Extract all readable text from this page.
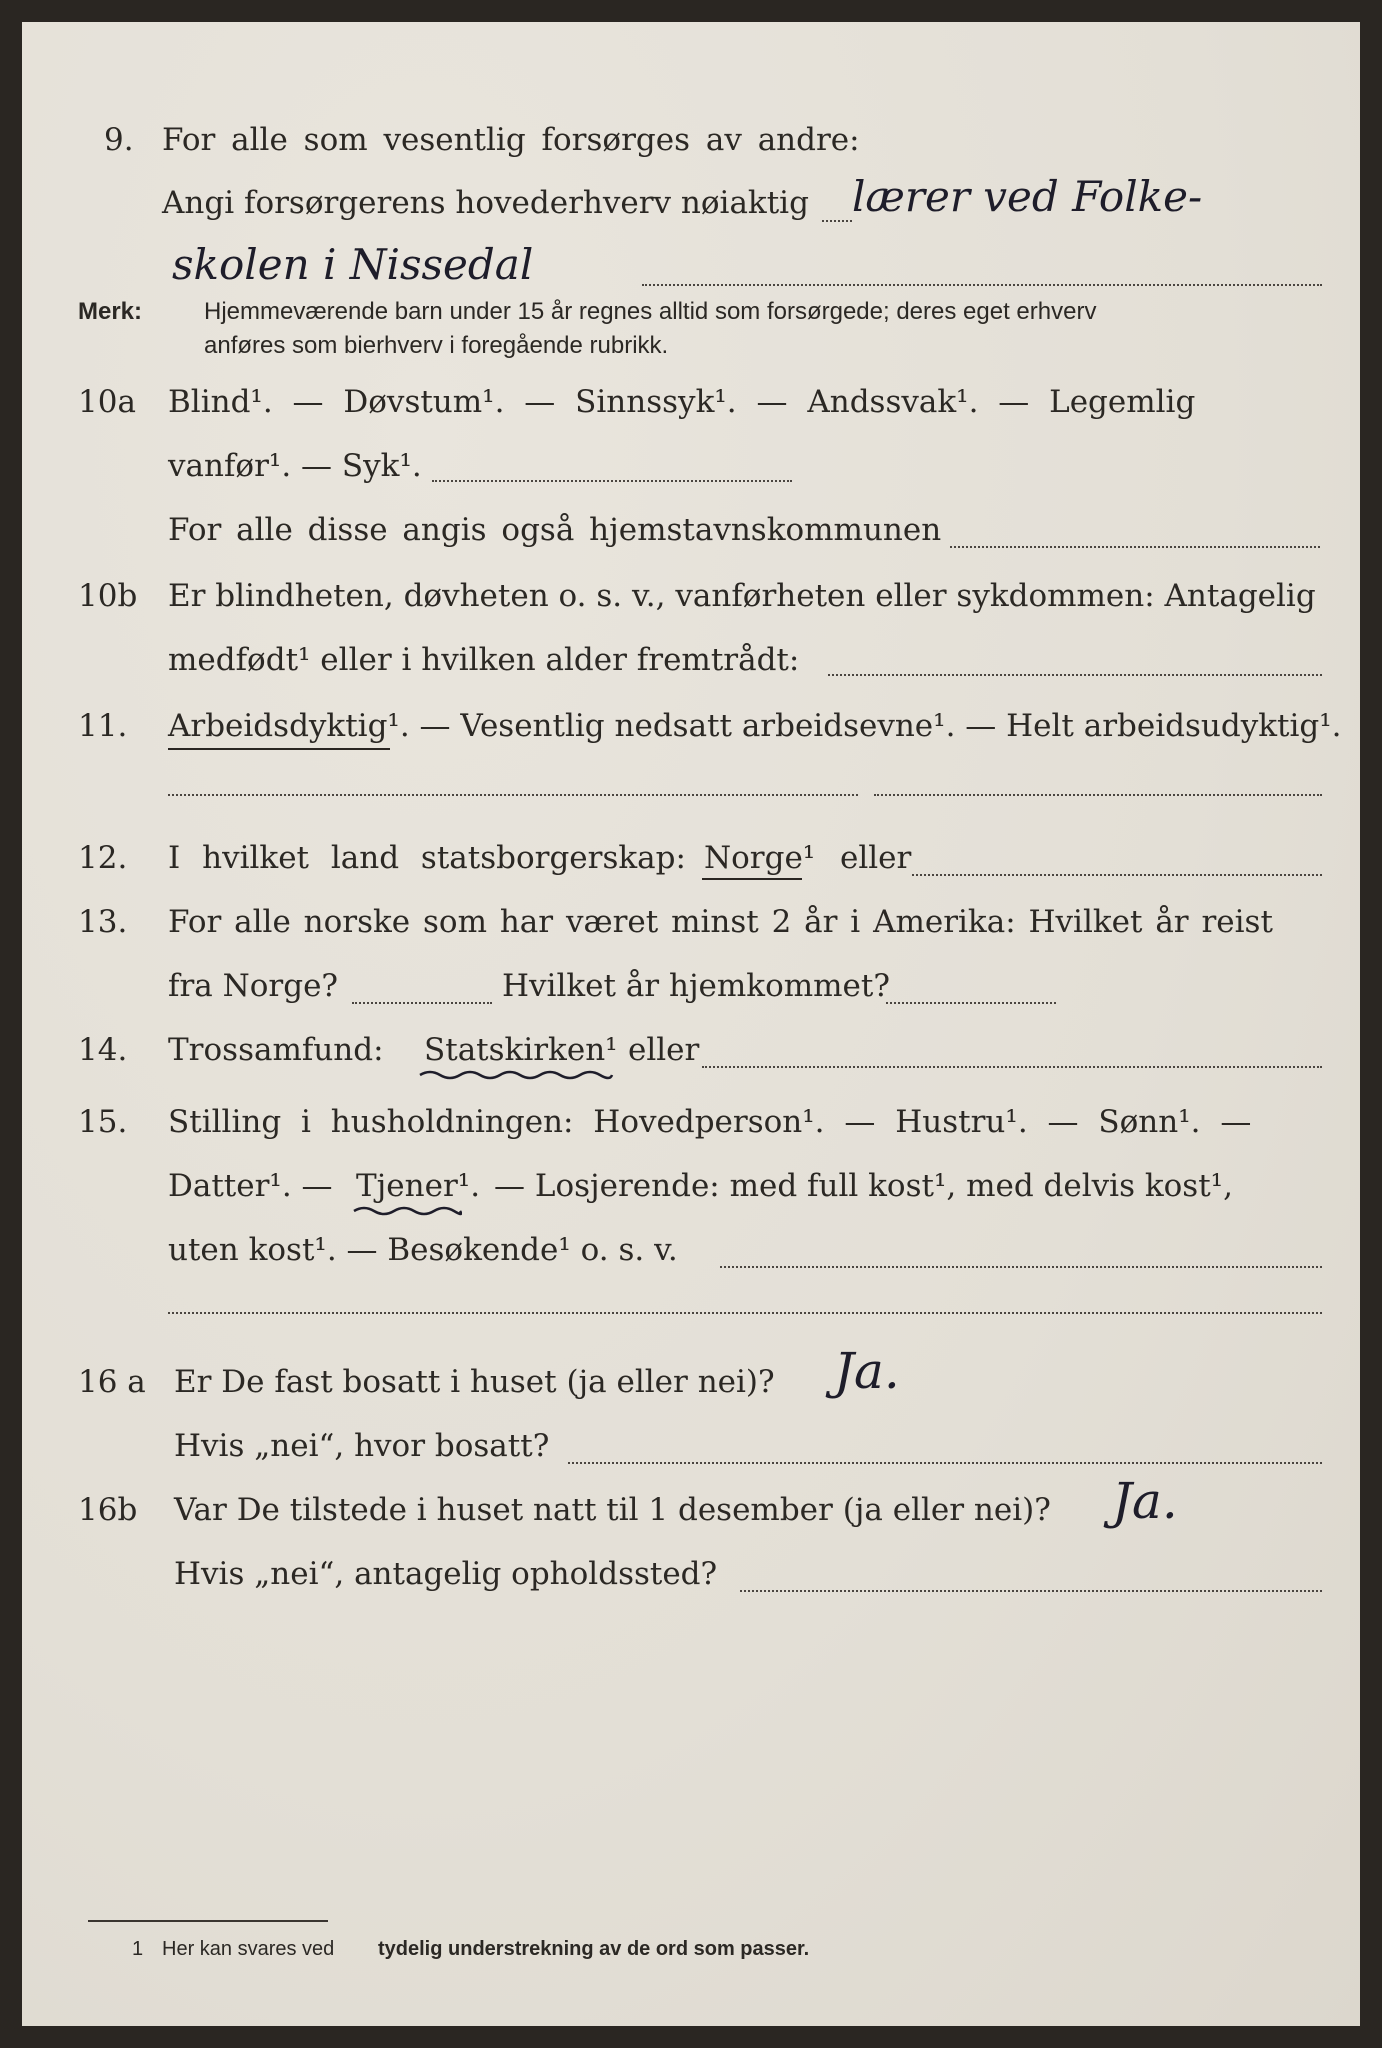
9. For alle som vesentlig forsørges av andre:
Angi forsørgerens hovederhverv nøiaktig lærer ved Folke-
skolen i Nissedal
Merk:	Hjemmeværende barn under 15 år regnes alltid som forsørgede; deres eget erhverv
anføres som bierhverv i foregående rubrikk.
10a Blind¹. — Døvstum¹. — Sinnssyk¹. — Andssvak¹. — Legemlig
vanfør¹. — Syk¹.
For alle disse angis også hjemstavnskommunen
10b Er blindheten, døvheten o. s. v., vanførheten eller sykdommen: Antagelig
medfødt¹ eller i hvilken alder fremtrådt:
11. Arbeidsdyktig¹. — Vesentlig nedsatt arbeidsevne¹. — Helt arbeidsudyktig¹.
12. I hvilket land statsborgerskap: Norge¹ eller
13. For alle norske som har været minst 2 år i Amerika: Hvilket år reist
fra Norge?	Hvilket år hjemkommet?
14. Trossamfund: Statskirken¹ eller
15. Stilling i husholdningen: Hovedperson¹. — Hustru¹. — Sønn¹. —
Datter¹. — Tjener¹. — Losjerende: med full kost¹, med delvis kost¹,
uten kost¹. — Besøkende¹ o. s. v.
16 a Er De fast bosatt i huset (ja eller nei)? Ja.
Hvis „nei“, hvor bosatt?
16b Var De tilstede i huset natt til 1 desember (ja eller nei)? Ja.
Hvis „nei“, antagelig opholdssted?
1 Her kan svares ved tydelig understrekning av de ord som passer.
